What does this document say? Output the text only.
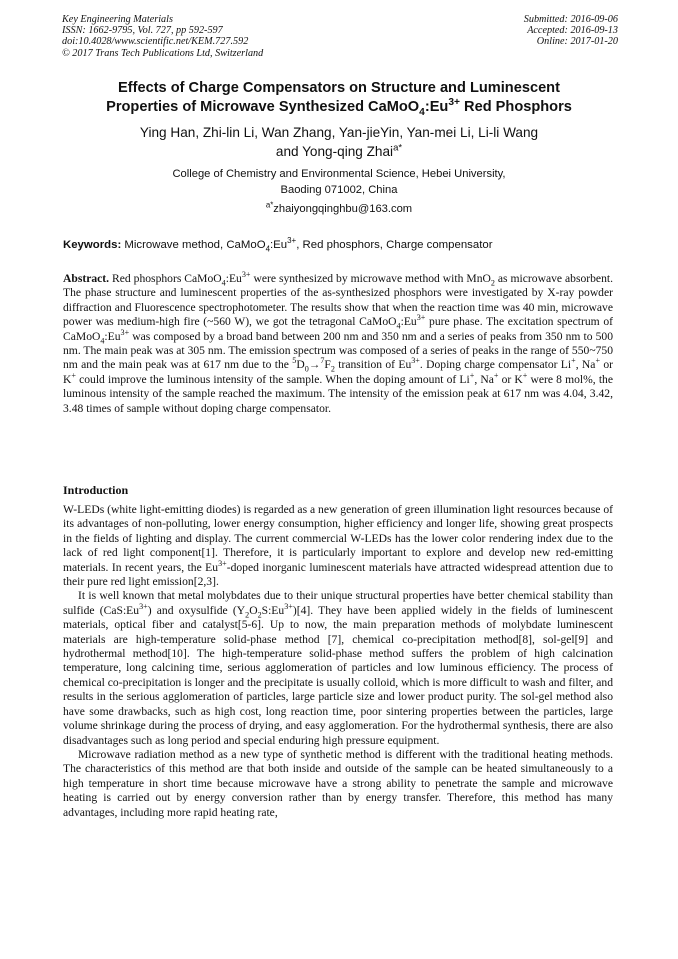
Key Engineering Materials
ISSN: 1662-9795, Vol. 727, pp 592-597
doi:10.4028/www.scientific.net/KEM.727.592
© 2017 Trans Tech Publications Ltd, Switzerland
Submitted: 2016-09-06
Accepted: 2016-09-13
Online: 2017-01-20
Effects of Charge Compensators on Structure and Luminescent
Properties of Microwave Synthesized $CaMoO_4:Eu^{3+}$ Red Phosphors
Ying Han, Zhi-lin Li, Wan Zhang, Yan-jieYin, Yan-mei Li, Li-li Wang
and Yong-qing Zhai$^{a*}$
College of Chemistry and Environmental Science, Hebei University,
Baoding 071002, China
$^{a*}$zhaiyongqinghbu@163.com
Keywords: Microwave method, $CaMoO_4:Eu^{3+}$, Red phosphors, Charge compensator
Abstract. Red phosphors $CaMoO_4:Eu^{3+}$ were synthesized by microwave method with MnO$_2$ as microwave absorbent. The phase structure and luminescent properties of the as-synthesized phosphors were investigated by X-ray powder diffraction and Fluorescence spectrophotometer. The results show that when the reaction time was 40 min, microwave power was medium-high fire (~560 W), we got the tetragonal $CaMoO_4:Eu^{3+}$ pure phase. The excitation spectrum of $CaMoO_4:Eu^{3+}$ was composed by a broad band between 200 nm and 350 nm and a series of peaks from 350 nm to 500 nm. The main peak was at 305 nm. The emission spectrum was composed of a series of peaks in the range of 550~750 nm and the main peak was at 617 nm due to the $^5D_0\to^7F_2$ transition of $Eu^{3+}$. Doping charge compensator Li+, Na+ or K+ could improve the luminous intensity of the sample. When the doping amount of Li+, Na+ or K+ were 8 mol%, the luminous intensity of the sample reached the maximum. The intensity of the emission peak at 617 nm was 4.04, 3.42, 3.48 times of sample without doping charge compensator.
Introduction

W-LEDs (white light-emitting diodes) is regarded as a new generation of green illumination light resources because of its advantages of non-polluting, lower energy consumption, higher efficiency and longer life, showing great prospects in the fields of lighting and display. The current commercial W-LEDs has the lower color rendering index due to the lack of red light component[1]. Therefore, it is particularly important to explore and develop new red-emitting materials. In recent years, the $Eu^{3+}$-doped inorganic luminescent materials have attracted widespread attention due to their pure red light emission[2,3].

It is well known that metal molybdates due to their unique structural properties have better chemical stability than sulfide $(CaS:Eu^{3+})$ and oxysulfide $(Y_2O_2S:Eu^{3+})[4]$. They have been applied widely in the fields of luminescent materials, optical fiber and catalyst[5-6]. Up to now, the main preparation methods of molybdate luminescent materials are high-temperature solid-phase method [7], chemical co-precipitation method[8], sol-gel[9] and hydrothermal method[10]. The high-temperature solid-phase method suffers the problem of high calcination temperature, long calcining time, serious agglomeration of particles and low luminous efficiency. The process of chemical co-precipitation is longer and the precipitate is usually colloid, which is more difficult to wash and filter, and results in the serious agglomeration of particles, large particle size and lower product purity. The sol-gel method also have some drawbacks, such as high cost, long reaction time, poor sintering properties between the particles, large volume shrinkage during the process of drying, and easy agglomeration. For the hydrothermal synthesis, there are also disadvantages such as long period and special enduring high pressure equipment.

Microwave radiation method as a new type of synthetic method is different with the traditional heating methods. The characteristics of this method are that both inside and outside of the sample can be heated simultaneously to a high temperature in short time because microwave have a strong ability to penetrate the sample and microwave heating is carried out by energy conversion rather than by energy transfer. Therefore, this method has many advantages, including more rapid heating rate,
